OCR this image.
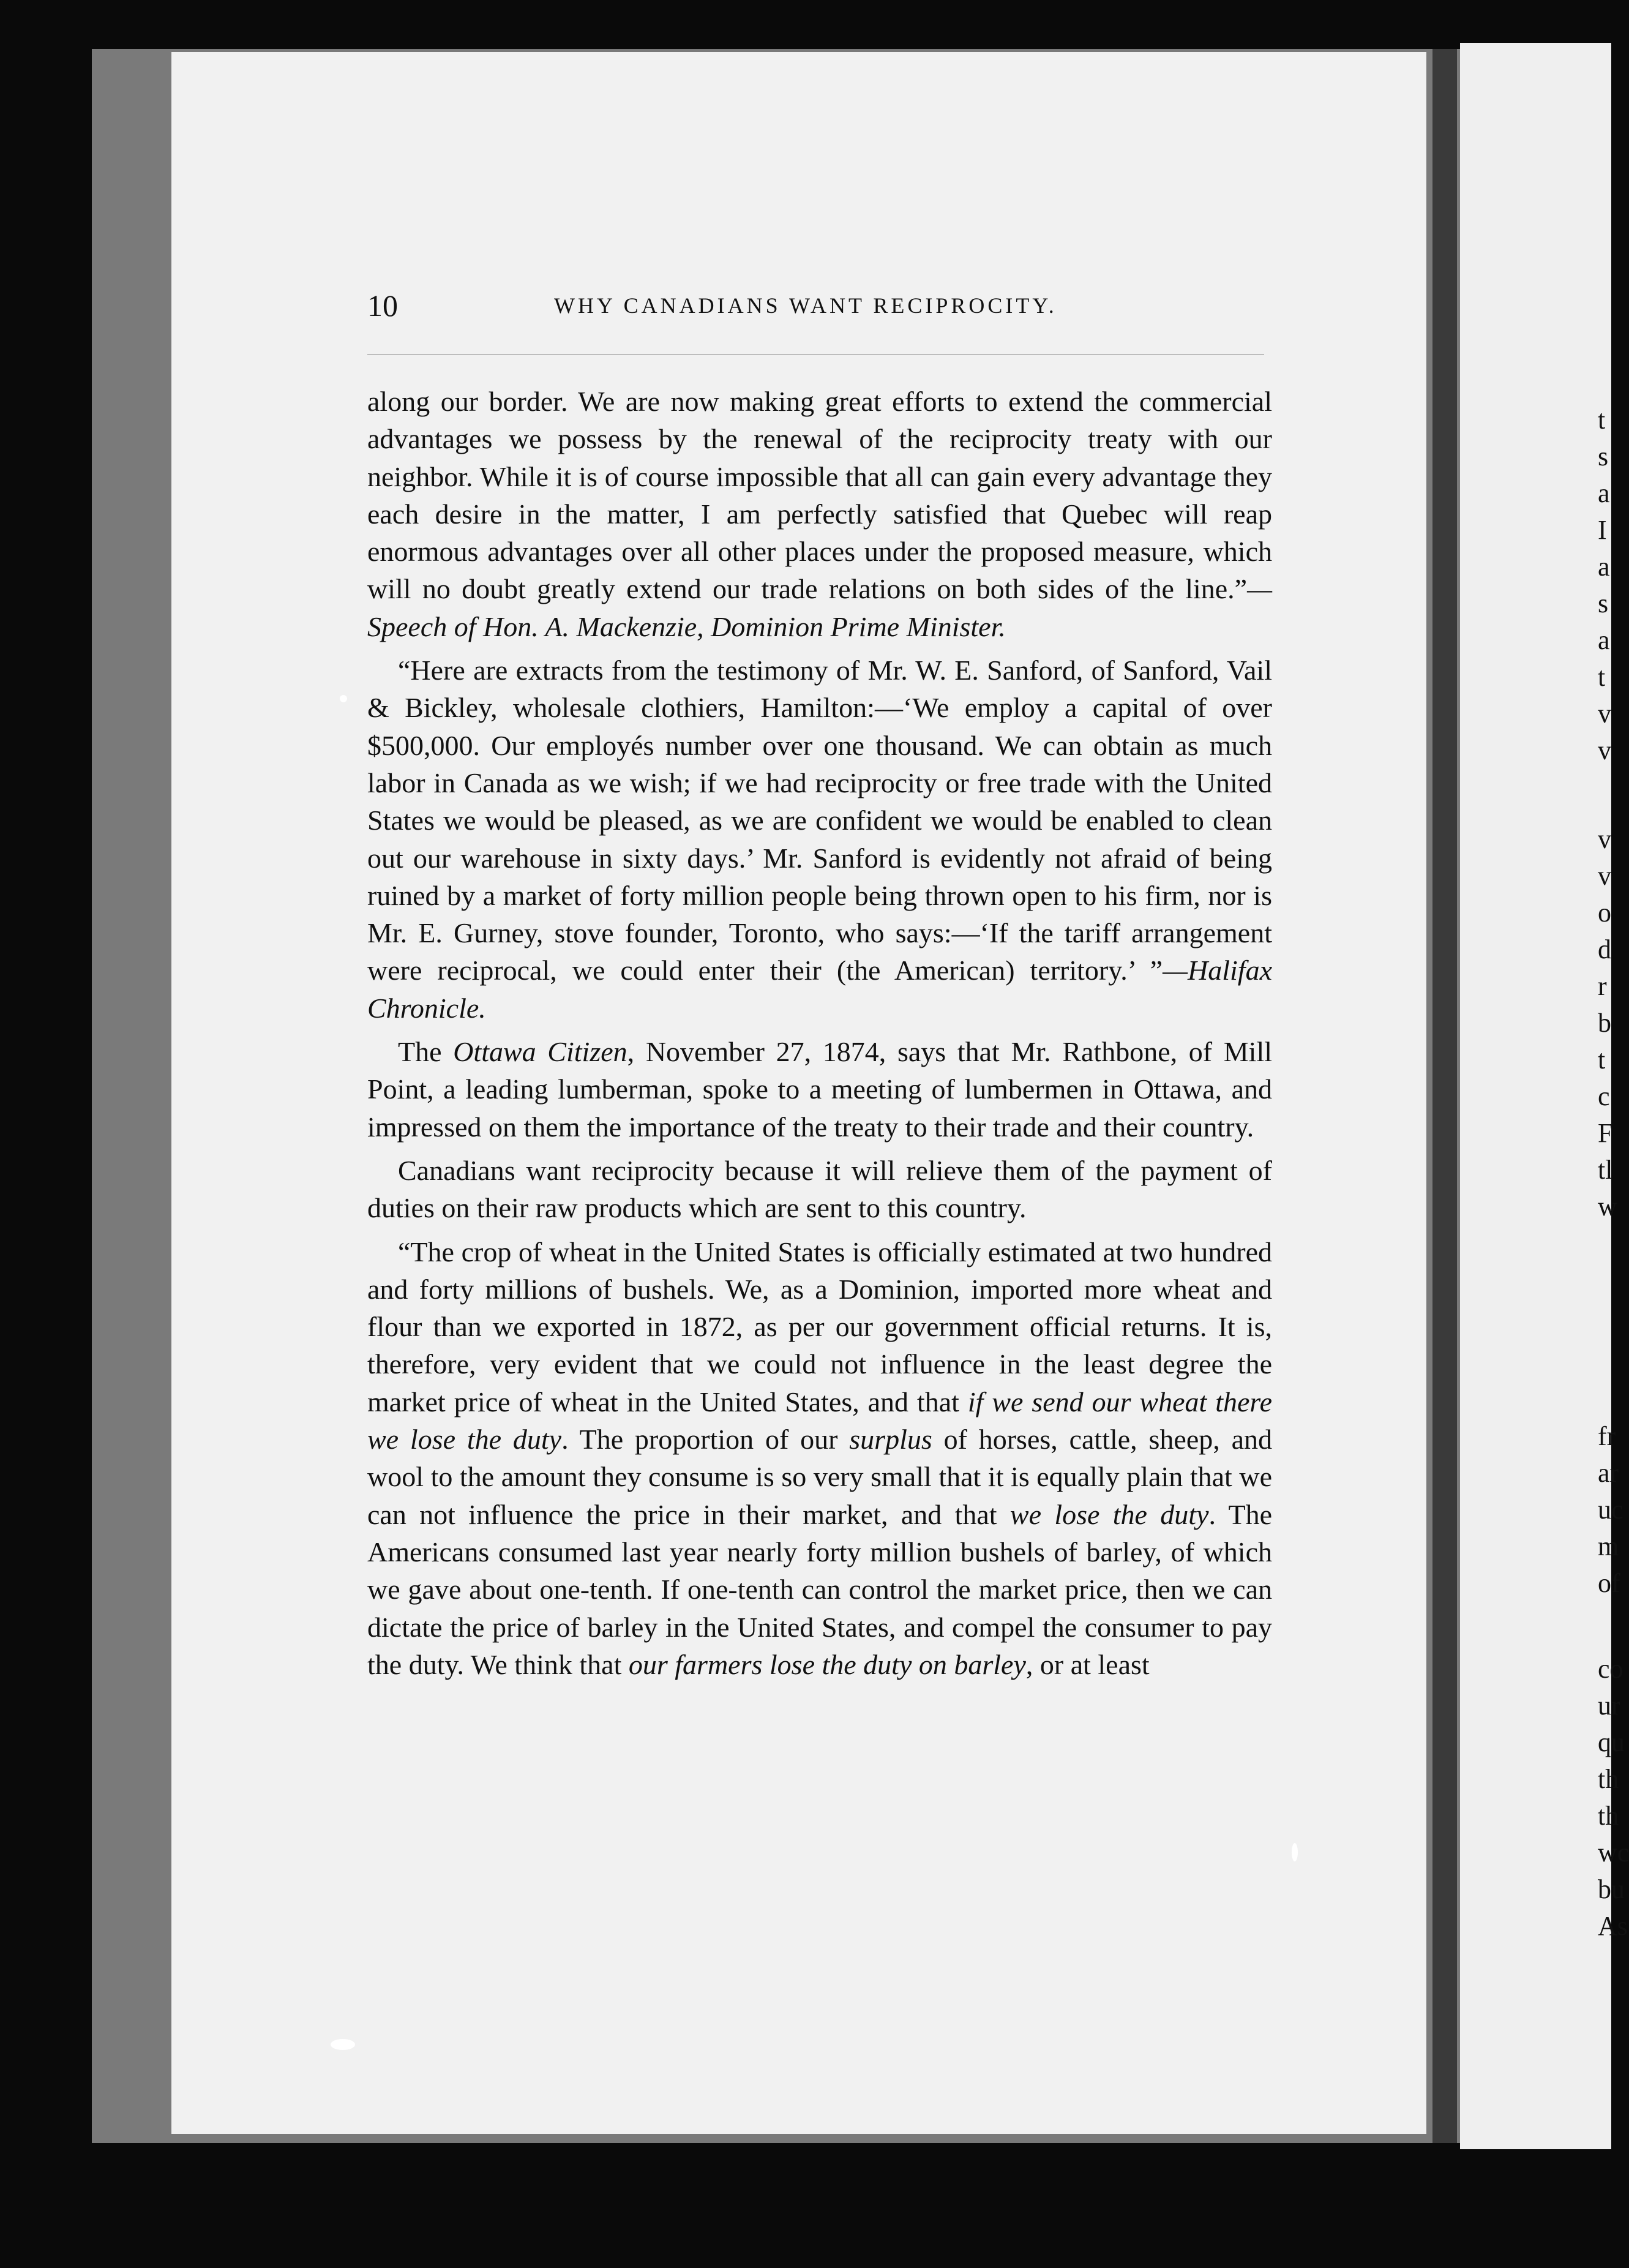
t
s
a
I
a
s
a
t
v
v
v
v
o
d
r
b
t
c
F
tl
w
fr
ar
uc
m
of
co
ur
qu
th
th
wc
bu
As
10	WHY CANADIANS WANT RECIPROCITY.

along our border. We are now making great efforts to extend the commercial advantages we possess by the renewal of the reciprocity treaty with our neighbor. While it is of course impossible that all can gain every advantage they each desire in the matter, I am perfectly satisfied that Quebec will reap enormous advantages over all other places under the proposed measure, which will no doubt greatly extend our trade relations on both sides of the line.”—Speech of Hon. A. Mackenzie, Dominion Prime Minister.

“Here are extracts from the testimony of Mr. W. E. Sanford, of Sanford, Vail & Bickley, wholesale clothiers, Hamilton:—‘We employ a capital of over $500,000. Our employés number over one thousand. We can obtain as much labor in Canada as we wish; if we had reciprocity or free trade with the United States we would be pleased, as we are confident we would be enabled to clean out our warehouse in sixty days.’ Mr. Sanford is evidently not afraid of being ruined by a market of forty million people being thrown open to his firm, nor is Mr. E. Gurney, stove founder, Toronto, who says:—‘If the tariff arrangement were reciprocal, we could enter their (the American) territory.’ ”—Halifax Chronicle.

The Ottawa Citizen, November 27, 1874, says that Mr. Rathbone, of Mill Point, a leading lumberman, spoke to a meeting of lumbermen in Ottawa, and impressed on them the importance of the treaty to their trade and their country.

Canadians want reciprocity because it will relieve them of the payment of duties on their raw products which are sent to this country.

“The crop of wheat in the United States is officially estimated at two hundred and forty millions of bushels. We, as a Dominion, imported more wheat and flour than we exported in 1872, as per our government official returns. It is, therefore, very evident that we could not influence in the least degree the market price of wheat in the United States, and that if we send our wheat there we lose the duty. The proportion of our surplus of horses, cattle, sheep, and wool to the amount they consume is so very small that it is equally plain that we can not influence the price in their market, and that we lose the duty. The Americans consumed last year nearly forty million bushels of barley, of which we gave about one-tenth. If one-tenth can control the market price, then we can dictate the price of barley in the United States, and compel the consumer to pay the duty. We think that our farmers lose the duty on barley, or at least
